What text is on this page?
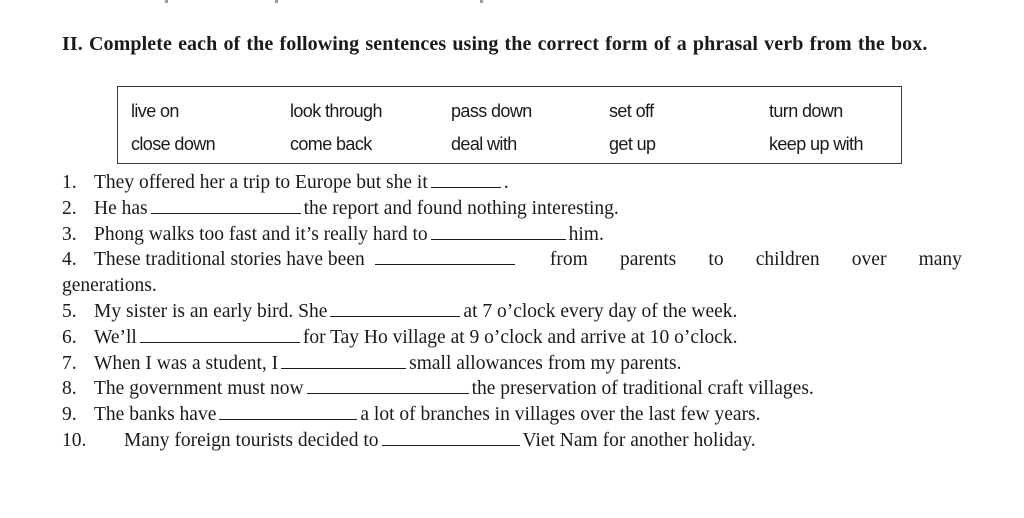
II. Complete each of the following sentences using the correct form of a phrasal verb from the box.
live on	look through	pass down	set off	turn down
close down	come back	deal with	get up	keep up with
1. They offered her a trip to Europe but she it	.
2. He has	the report and found nothing interesting.
3. Phong walks too fast and it’s really hard to	him.
4. These traditional stories have been	from parents to children over many
generations.
5. My sister is an early bird. She	at 7 o’clock every day of the week.
6. We’ll	for Tay Ho village at 9 o’clock and arrive at 10 o’clock.
7. When I was a student, I	small allowances from my parents.
8. The government must now	the preservation of traditional craft villages.
9. The banks have	a lot of branches in villages over the last few years.
10. Many foreign tourists decided to	Viet Nam for another holiday.
